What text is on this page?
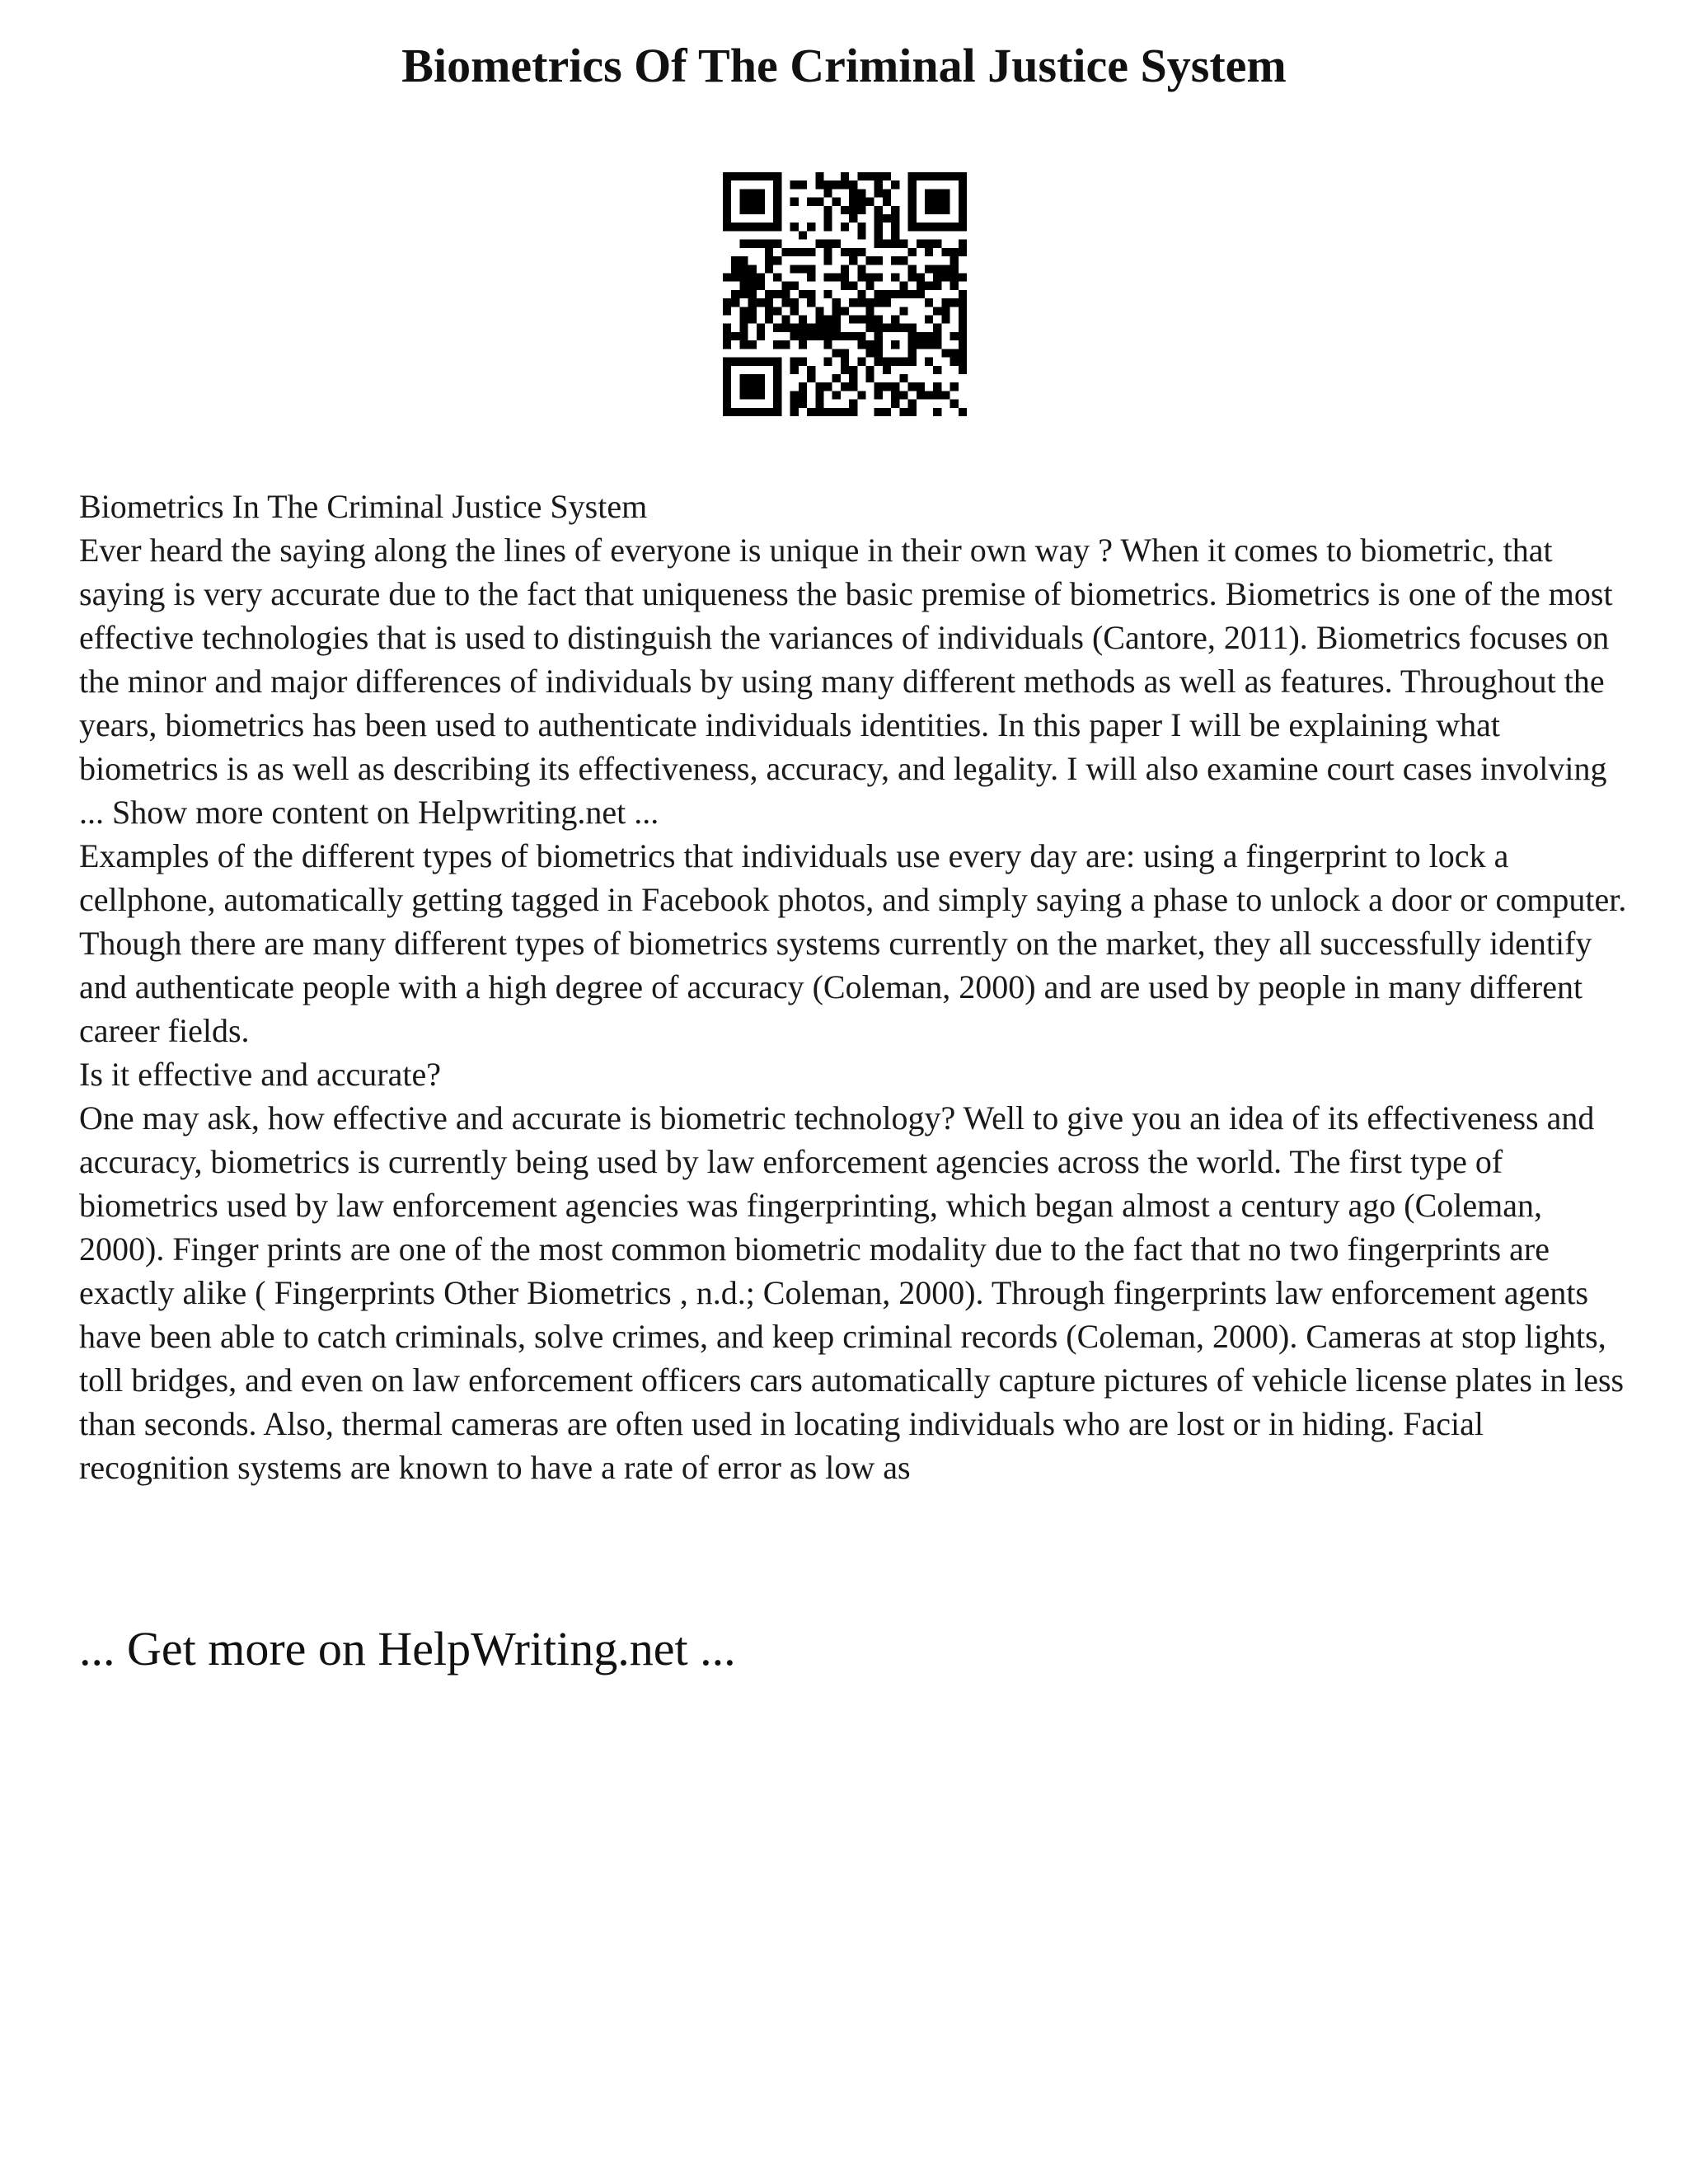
Biometrics Of The Criminal Justice System

Biometrics In The Criminal Justice System

Ever heard the saying along the lines of everyone is unique in their own way ? When it comes to biometric, that saying is very accurate due to the fact that uniqueness the basic premise of biometrics. Biometrics is one of the most effective technologies that is used to distinguish the variances of individuals (Cantore, 2011). Biometrics focuses on the minor and major differences of individuals by using many different methods as well as features. Throughout the years, biometrics has been used to authenticate individuals identities. In this paper I will be explaining what biometrics is as well as describing its effectiveness, accuracy, and legality. I will also examine court cases involving ... Show more content on Helpwriting.net ...

Examples of the different types of biometrics that individuals use every day are: using a fingerprint to lock a cellphone, automatically getting tagged in Facebook photos, and simply saying a phase to unlock a door or computer. Though there are many different types of biometrics systems currently on the market, they all successfully identify and authenticate people with a high degree of accuracy (Coleman, 2000) and are used by people in many different career fields.

Is it effective and accurate?

One may ask, how effective and accurate is biometric technology? Well to give you an idea of its effectiveness and accuracy, biometrics is currently being used by law enforcement agencies across the world. The first type of biometrics used by law enforcement agencies was fingerprinting, which began almost a century ago (Coleman, 2000). Finger prints are one of the most common biometric modality due to the fact that no two fingerprints are exactly alike ( Fingerprints Other Biometrics , n.d.; Coleman, 2000). Through fingerprints law enforcement agents have been able to catch criminals, solve crimes, and keep criminal records (Coleman, 2000). Cameras at stop lights, toll bridges, and even on law enforcement officers cars automatically capture pictures of vehicle license plates in less than seconds. Also, thermal cameras are often used in locating individuals who are lost or in hiding. Facial recognition systems are known to have a rate of error as low as

... Get more on HelpWriting.net ...
